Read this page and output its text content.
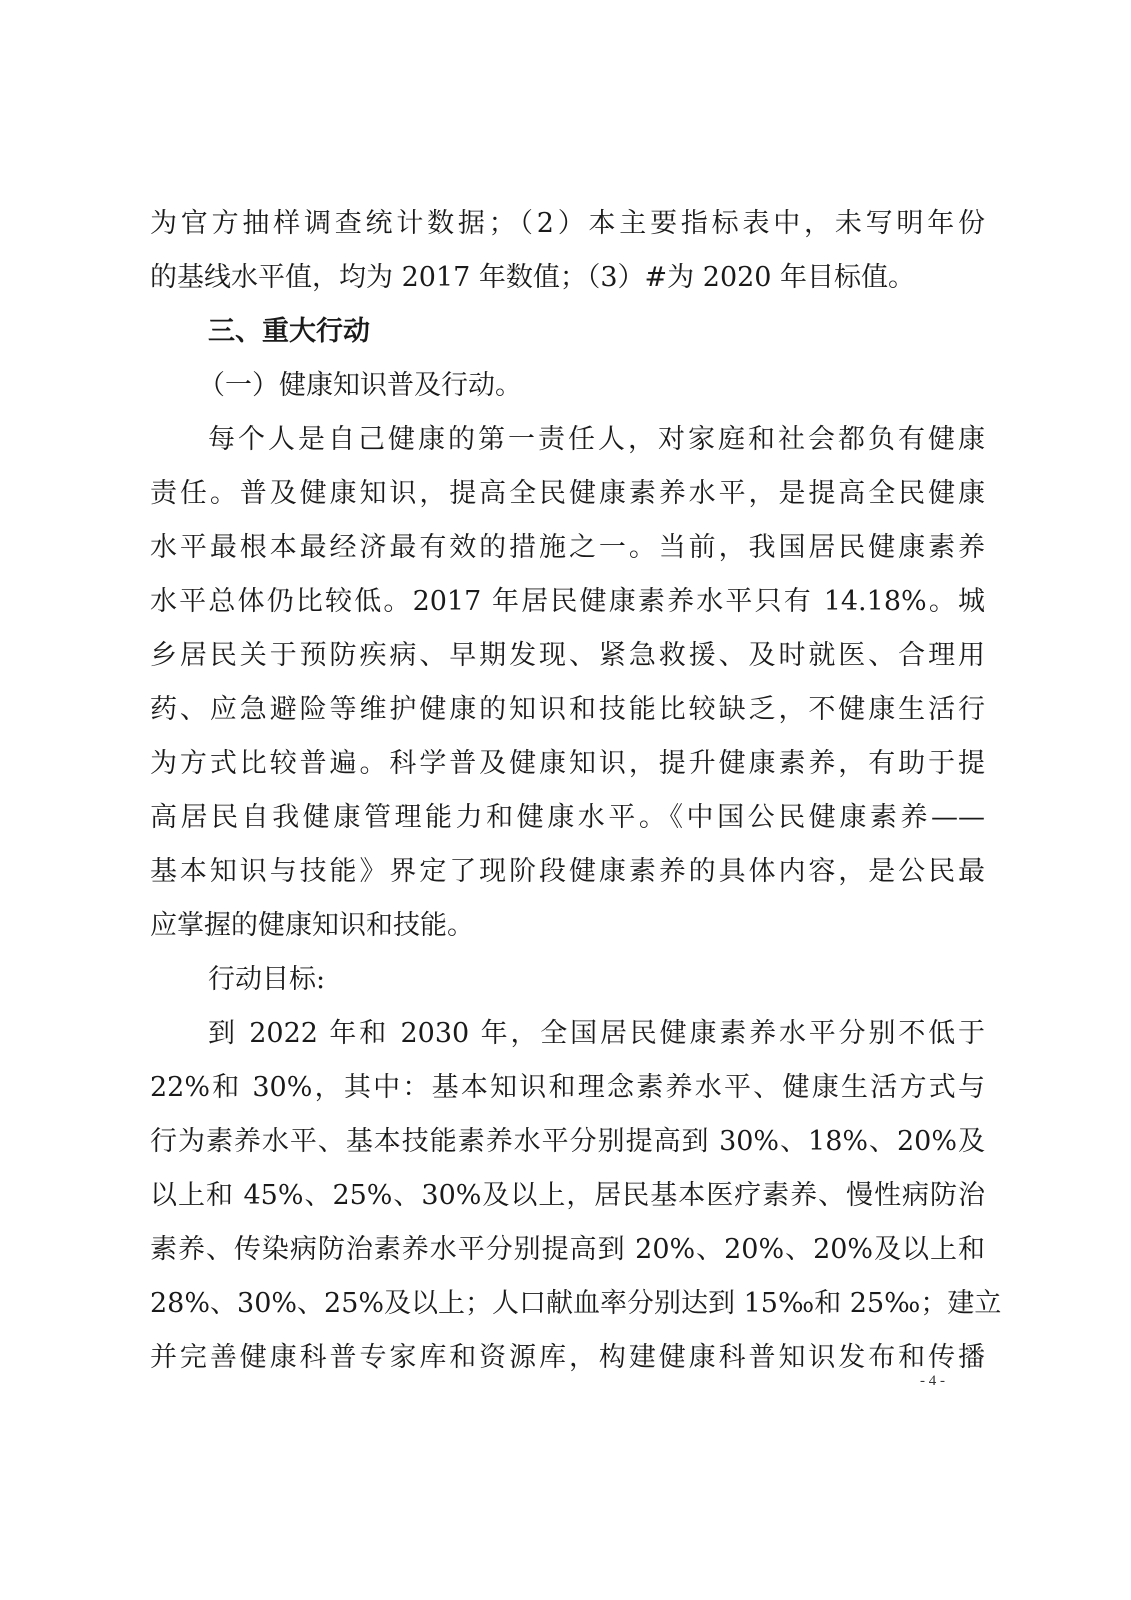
为官方抽样调查统计数据；（2）本主要指标表中，未写明年份
的基线水平值，均为 2017 年数值；（3）#为 2020 年目标值。
三、重大行动
（一）健康知识普及行动。
每个人是自己健康的第一责任人，对家庭和社会都负有健康
责任。普及健康知识，提高全民健康素养水平，是提高全民健康
水平最根本最经济最有效的措施之一。当前，我国居民健康素养
水平总体仍比较低。2017 年居民健康素养水平只有 14.18%。城
乡居民关于预防疾病、早期发现、紧急救援、及时就医、合理用
药、应急避险等维护健康的知识和技能比较缺乏，不健康生活行
为方式比较普遍。科学普及健康知识，提升健康素养，有助于提
高居民自我健康管理能力和健康水平。《中国公民健康素养——
基本知识与技能》界定了现阶段健康素养的具体内容，是公民最
应掌握的健康知识和技能。
行动目标:
到 2022 年和 2030 年，全国居民健康素养水平分别不低于
22%和 30%，其中：基本知识和理念素养水平、健康生活方式与
行为素养水平、基本技能素养水平分别提高到 30%、18%、20%及
以上和 45%、25%、30%及以上，居民基本医疗素养、慢性病防治
素养、传染病防治素养水平分别提高到 20%、20%、20%及以上和
28%、30%、25%及以上；人口献血率分别达到 15‰和 25‰；建立
并完善健康科普专家库和资源库，构建健康科普知识发布和传播
- 4 -
